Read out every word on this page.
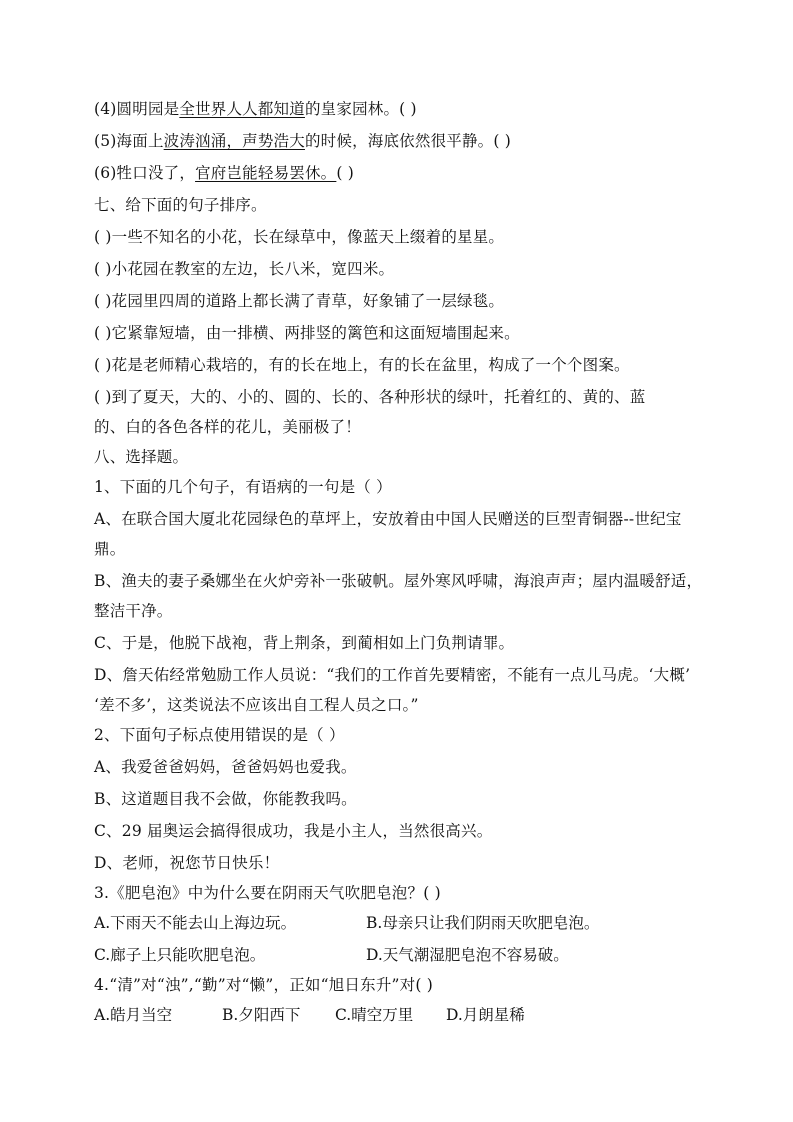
(4)圆明园是全世界人人都知道的皇家园林。( )
(5)海面上波涛汹涌，声势浩大的时候，海底依然很平静。( )
(6)牲口没了，官府岂能轻易罢休。( )
七、给下面的句子排序。
( )一些不知名的小花，长在绿草中，像蓝天上缀着的星星。
( )小花园在教室的左边，长八米，宽四米。
( )花园里四周的道路上都长满了青草，好象铺了一层绿毯。
( )它紧靠短墙，由一排横、两排竖的篱笆和这面短墙围起来。
( )花是老师精心栽培的，有的长在地上，有的长在盆里，构成了一个个图案。
( )到了夏天，大的、小的、圆的、长的、各种形状的绿叶，托着红的、黄的、蓝
的、白的各色各样的花儿，美丽极了！
八、选择题。
1、下面的几个句子，有语病的一句是（ ）
A、在联合国大厦北花园绿色的草坪上，安放着由中国人民赠送的巨型青铜器--世纪宝
鼎。
B、渔夫的妻子桑娜坐在火炉旁补一张破帆。屋外寒风呼啸，海浪声声；屋内温暖舒适，
整洁干净。
C、于是，他脱下战袍，背上荆条，到蔺相如上门负荆请罪。
D、詹天佑经常勉励工作人员说：“我们的工作首先要精密，不能有一点儿马虎。‘大概’
‘差不多’，这类说法不应该出自工程人员之口。”
2、下面句子标点使用错误的是（ ）
A、我爱爸爸妈妈，爸爸妈妈也爱我。
B、这道题目我不会做，你能教我吗。
C、29 届奥运会搞得很成功，我是小主人，当然很高兴。
D、老师，祝您节日快乐！
3.《肥皂泡》中为什么要在阴雨天气吹肥皂泡？( )
A.下雨天不能去山上海边玩。	B.母亲只让我们阴雨天吹肥皂泡。
C.廊子上只能吹肥皂泡。	D.天气潮湿肥皂泡不容易破。
4.“清”对“浊”,“勤”对“懒”，正如“旭日东升”对( )
A.皓月当空	B.夕阳西下 C.晴空万里 D.月朗星稀
